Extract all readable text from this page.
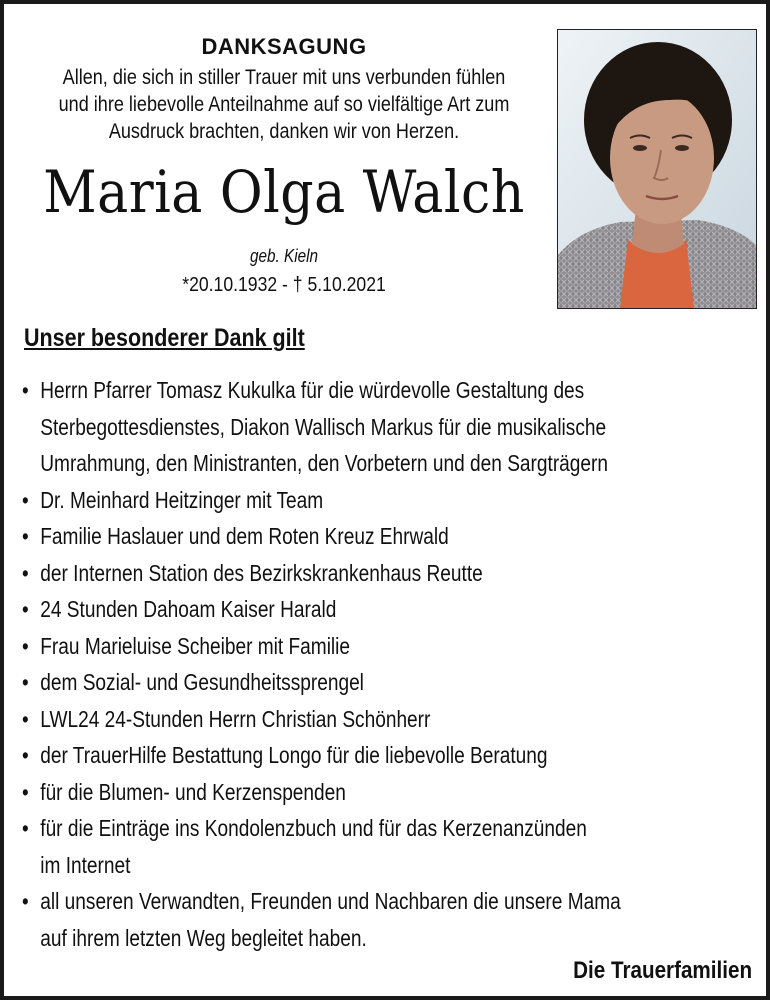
DANKSAGUNG
Allen, die sich in stiller Trauer mit uns verbunden fühlen
und ihre liebevolle Anteilnahme auf so vielfältige Art zum
Ausdruck brachten, danken wir von Herzen.
Maria Olga Walch
geb. Kieln
*20.10.1932 - † 5.10.2021
Unser besonderer Dank gilt
• Herrn Pfarrer Tomasz Kukulka für die würdevolle Gestaltung des
Sterbegottesdienstes, Diakon Wallisch Markus für die musikalische
Umrahmung, den Ministranten, den Vorbetern und den Sargträgern
• Dr. Meinhard Heitzinger mit Team
• Familie Haslauer und dem Roten Kreuz Ehrwald
• der Internen Station des Bezirkskrankenhaus Reutte
• 24 Stunden Dahoam Kaiser Harald
• Frau Marieluise Scheiber mit Familie
• dem Sozial- und Gesundheitssprengel
• LWL24 24-Stunden Herrn Christian Schönherr
• der TrauerHilfe Bestattung Longo für die liebevolle Beratung
• für die Blumen- und Kerzenspenden
• für die Einträge ins Kondolenzbuch und für das Kerzenanzünden
im Internet
• all unseren Verwandten, Freunden und Nachbaren die unsere Mama
auf ihrem letzten Weg begleitet haben.
Die Trauerfamilien
